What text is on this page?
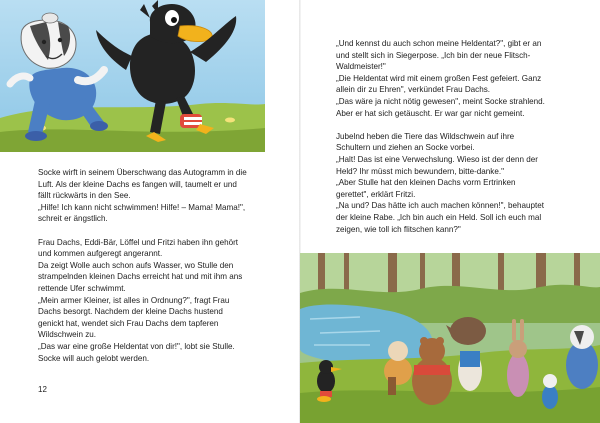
Socke wirft in seinem Überschwang das Autogramm in die

Luft. Als der kleine Dachs es fangen will, taumelt er und

fällt rückwärts in den See.

„Hilfe! Ich kann nicht schwimmen! Hilfe! – Mama! Mama!",

schreit er ängstlich.

Frau Dachs, Eddi-Bär, Löffel und Fritzi haben ihn gehört

und kommen aufgeregt angerannt.

Da zeigt Wolle auch schon aufs Wasser, wo Stulle den

strampelnden kleinen Dachs erreicht hat und mit ihm ans

rettende Ufer schwimmt.

„Mein armer Kleiner, ist alles in Ordnung?", fragt Frau

Dachs besorgt. Nachdem der kleine Dachs hustend

genickt hat, wendet sich Frau Dachs dem tapferen

Wildschwein zu.

„Das war eine große Heldentat von dir!", lobt sie Stulle.

Socke will auch gelobt werden.

12

„Und kennst du auch schon meine Heldentat?", gibt er an

und stellt sich in Siegerpose. „Ich bin der neue Flitsch-

Waldmeister!"

„Die Heldentat wird mit einem großen Fest gefeiert. Ganz

allein dir zu Ehren", verkündet Frau Dachs.

„Das wäre ja nicht nötig gewesen", meint Socke strahlend.

Aber er hat sich getäuscht. Er war gar nicht gemeint.

Jubelnd heben die Tiere das Wildschwein auf ihre

Schultern und ziehen an Socke vorbei.

„Halt! Das ist eine Verwechslung. Wieso ist der denn der

Held? Ihr müsst mich bewundern, bitte-danke."

„Aber Stulle hat den kleinen Dachs vorm Ertrinken

gerettet", erklärt Fritzi.

„Na und? Das hätte ich auch machen können!", behauptet

der kleine Rabe. „Ich bin auch ein Held. Soll ich euch mal

zeigen, wie toll ich flitschen kann?"
